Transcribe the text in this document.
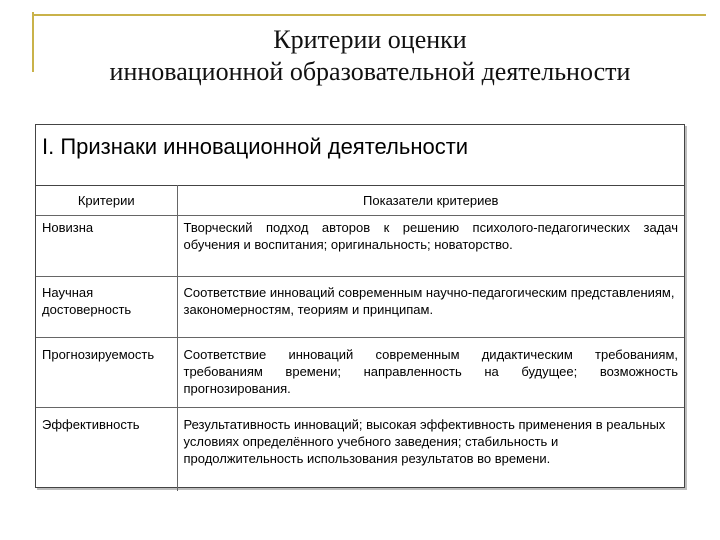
Критерии оценки
инновационной образовательной деятельности
I. Признаки инновационной деятельности
Критерии	Показатели критериев
Новизна	Творческий подход авторов к решению психолого-педагогических задач обучения и воспитания; оригинальность; новаторство.
Научная достоверность	Соответствие инноваций современным научно-педагогическим представлениям, закономерностям, теориям и принципам.
Прогнозируемость	Соответствие инноваций современным дидактическим требованиям, требованиям времени; направленность на будущее; возможность прогнозирования.
Эффективность	Результативность инноваций; высокая эффективность применения в реальных условиях определённого учебного заведения; стабильность и продолжительность использования результатов во времени.
